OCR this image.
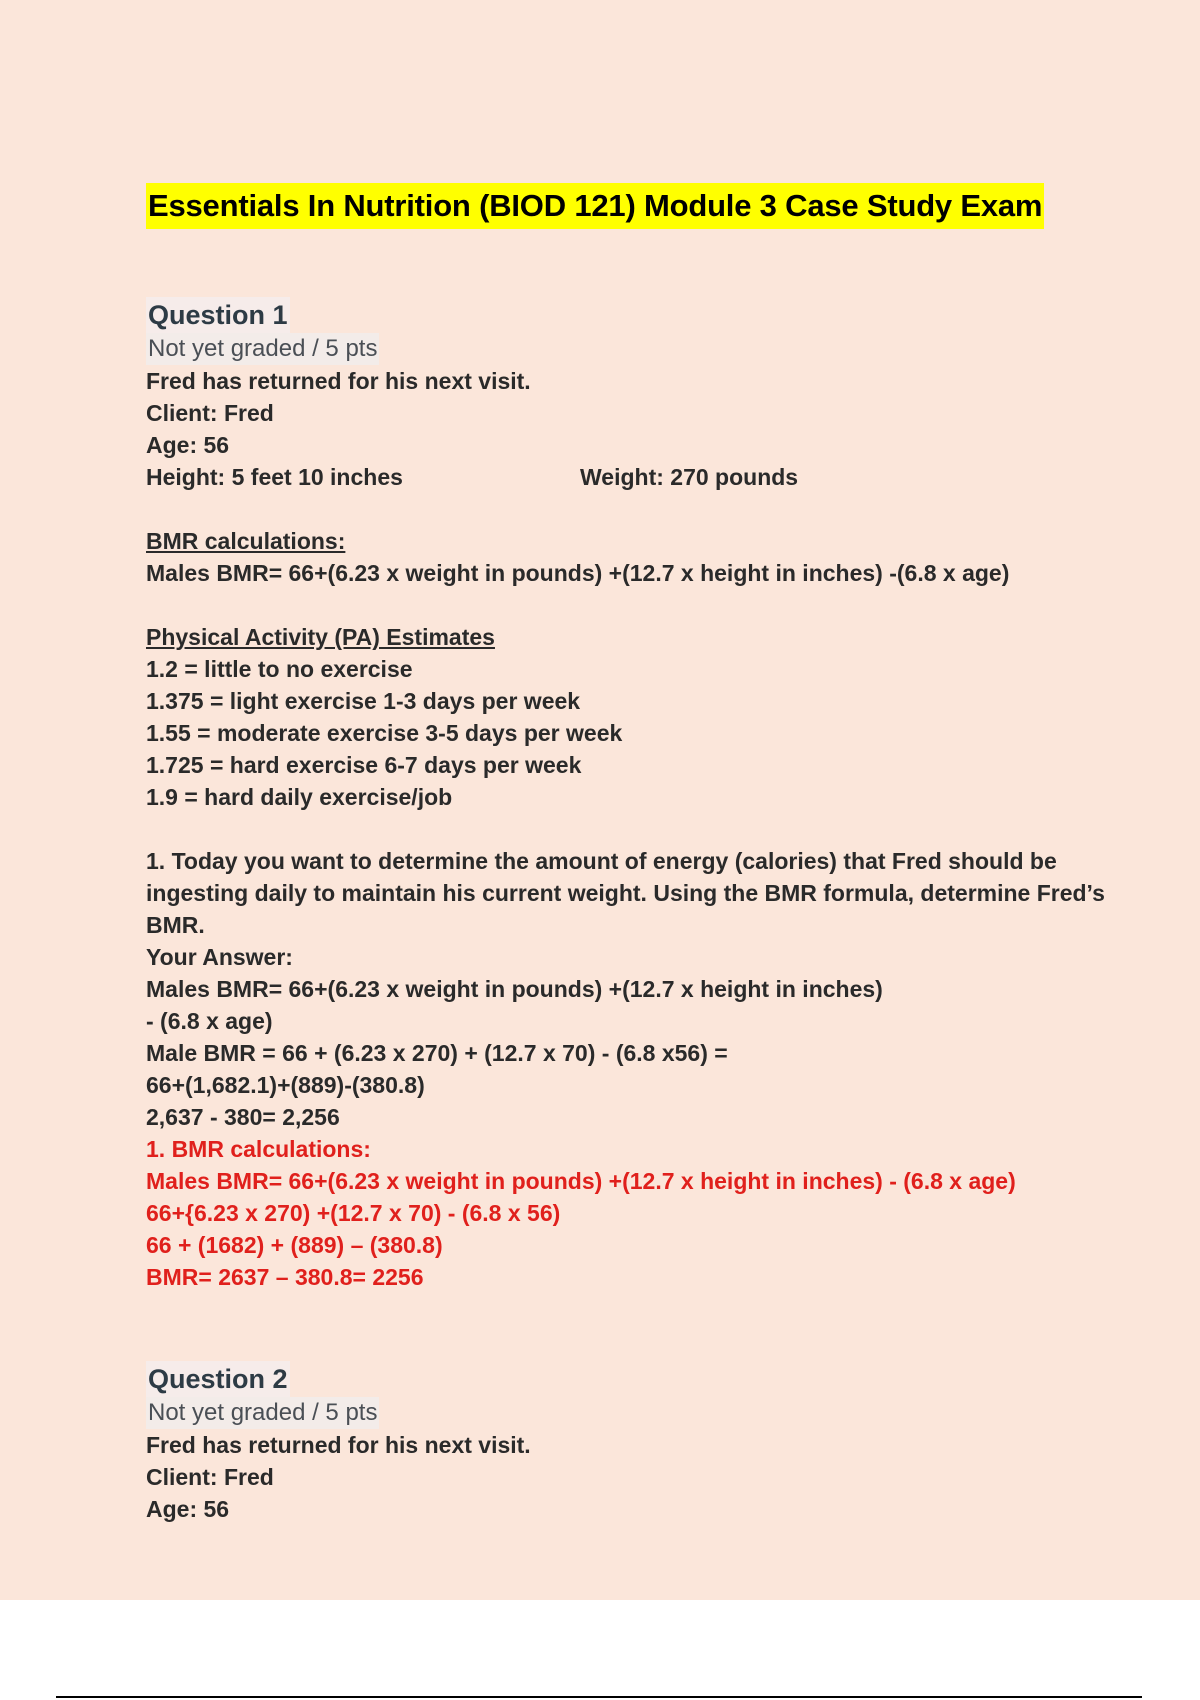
Essentials In Nutrition (BIOD 121) Module 3 Case Study Exam
Question 1
Not yet graded / 5 pts
Fred has returned for his next visit.
Client: Fred
Age: 56
Height: 5 feet 10 inches	Weight: 270 pounds
BMR calculations:
Males BMR= 66+(6.23 x weight in pounds) +(12.7 x height in inches) -(6.8 x age)
Physical Activity (PA) Estimates
1.2 = little to no exercise
1.375 = light exercise 1-3 days per week
1.55 = moderate exercise 3-5 days per week
1.725 = hard exercise 6-7 days per week
1.9 = hard daily exercise/job
1. Today you want to determine the amount of energy (calories) that Fred should be ingesting daily to maintain his current weight. Using the BMR formula, determine Fred’s BMR.
Your Answer:
Males BMR= 66+(6.23 x weight in pounds) +(12.7 x height in inches)
- (6.8 x age)
Male BMR = 66 + (6.23 x 270) + (12.7 x 70) - (6.8 x56) =
66+(1,682.1)+(889)-(380.8)
2,637 - 380= 2,256
1. BMR calculations:
Males BMR= 66+(6.23 x weight in pounds) +(12.7 x height in inches) - (6.8 x age)
66+{6.23 x 270) +(12.7 x 70) - (6.8 x 56)
66 + (1682) + (889) – (380.8)
BMR= 2637 – 380.8= 2256
Question 2
Not yet graded / 5 pts
Fred has returned for his next visit.
Client: Fred
Age: 56
